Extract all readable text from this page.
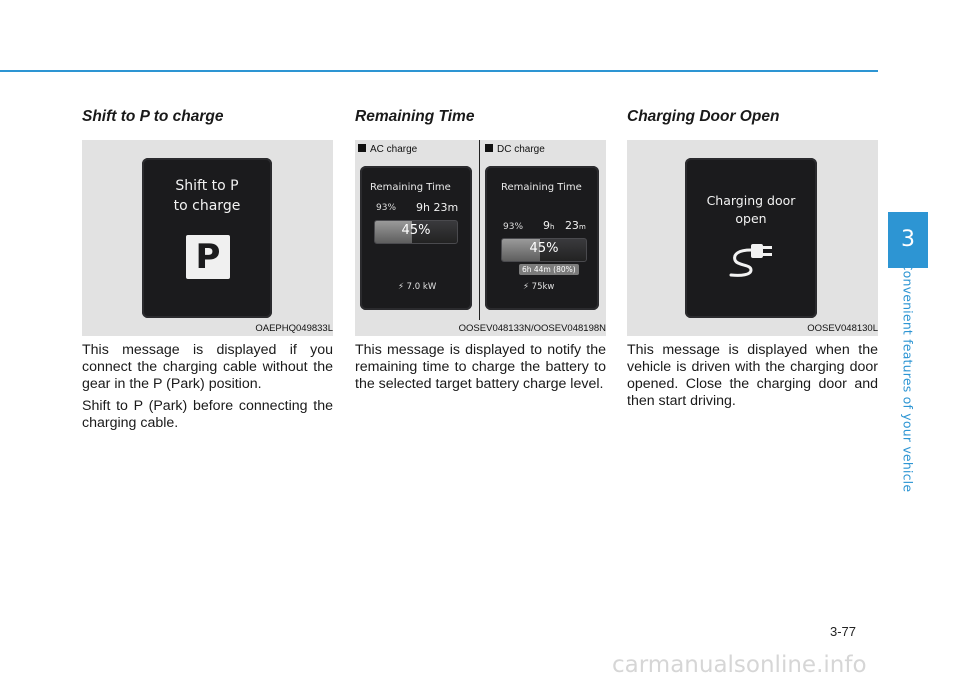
3
Convenient features of your vehicle
Shift to P to charge
Shift to P
to charge
P
OAEPHQ049833L

This message is displayed if you connect the charging cable without the gear in the P (Park) position.

Shift to P (Park) before connecting the charging cable.

Remaining Time
AC charge	DC charge
Remaining Time
93% 9h 23m
45%
⚡ 7.0 kW
Remaining Time
93% 9h 23m
45%
6h 44m (80%)
⚡ 75kw
OOSEV048133N/OOSEV048198N

This message is displayed to notify the remaining time to charge the battery to the selected target battery charge level.

Charging Door Open
Charging door
open
OOSEV048130L

This message is displayed when the vehicle is driven with the charging door opened. Close the charging door and then start driving.

3-77
carmanualsonline.info
